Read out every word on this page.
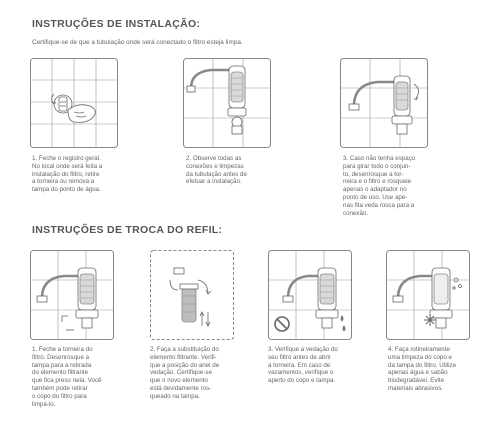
INSTRUÇÕES DE INSTALAÇÃO:

Certifique-se de que a tubulação onde será conectado o filtro esteja limpa.

1. Feche o registro geral.
No local onde será feita a
instalação do filtro, retire
a torneira ou remova a
tampa do ponto de água.

2. Observe todas as
conexões e limpezas
da tubulação antes de
efetuar a instalação.

3. Caso não tenha espaço
para girar todo o conjun-
to, desenrosque a tor-
neira e o filtro e rosqueie
apenas o adaptador no
ponto de uso. Use ape-
nas fita veda rosca para a
conexão.

INSTRUÇÕES DE TROCA DO REFIL:

1. Feche a torneira do
filtro. Desenrosque a
tampa para a retirada
do elemento filtrante
que fica preso nela. Você
também pode retirar
o copo do filtro para
limpá-lo.

2. Faça a substituição do
elemento filtrante. Verifi-
que a posição do anel de
vedação. Certifique-se
que o novo elemento
está devidamente ros-
queado na tampa.

3. Verifique a vedação do
seu filtro antes de abrir
a torneira. Em caso de
vazamentos, verifique o
aperto do copo e tampa.

4. Faça rotineiramente
uma limpeza do copo e
da tampa do filtro. Utilize
apenas água e sabão
biodegradável. Evite
materiais abrasivos.
